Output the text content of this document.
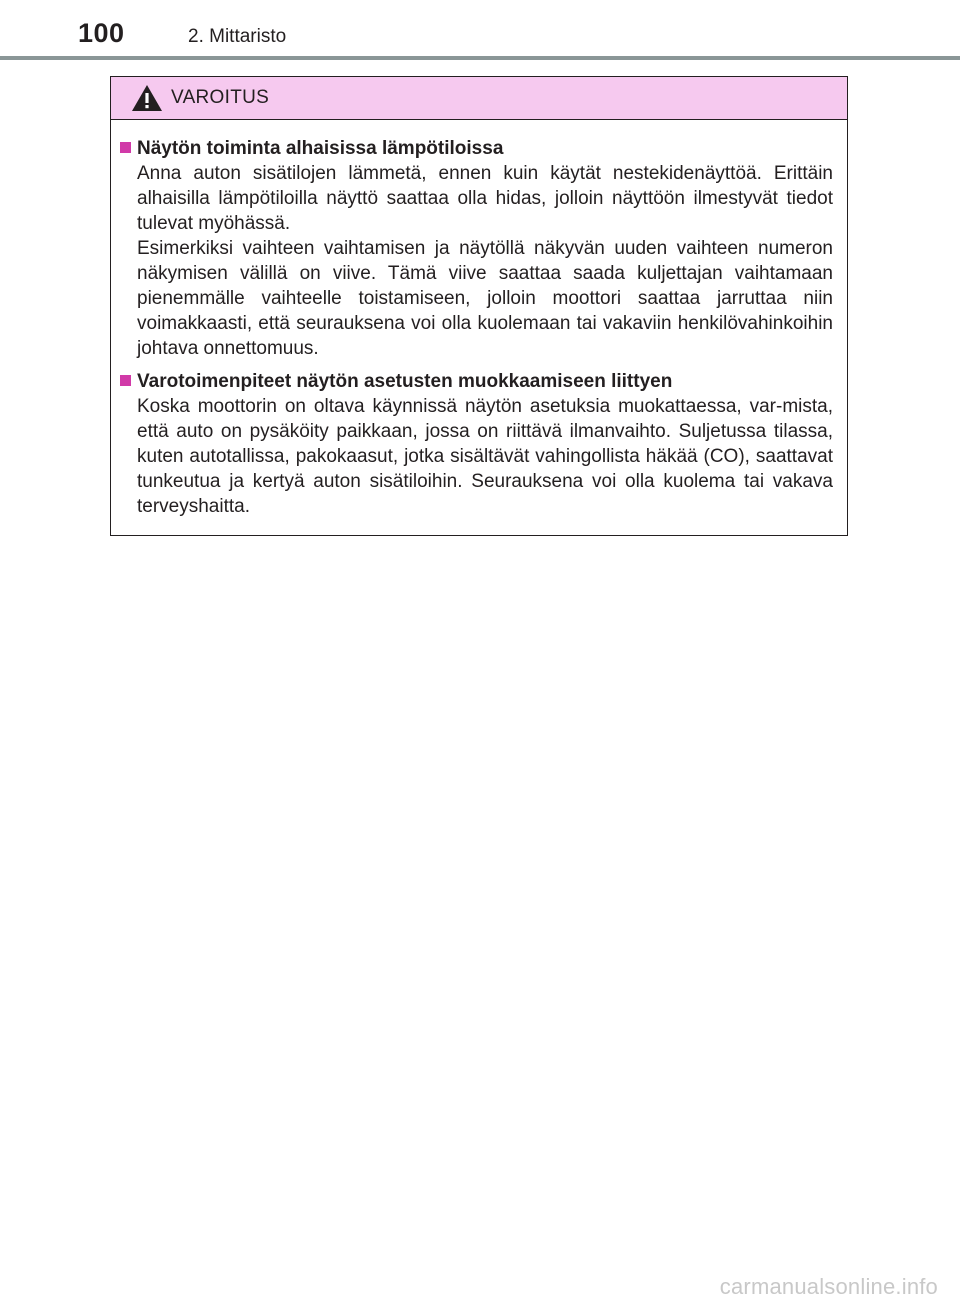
100	2. Mittaristo
VAROITUS
Näytön toiminta alhaisissa lämpötiloissa

Anna auton sisätilojen lämmetä, ennen kuin käytät nestekidenäyttöä. Erittäin alhaisilla lämpötiloilla näyttö saattaa olla hidas, jolloin näyttöön ilmestyvät tiedot tulevat myöhässä.

Esimerkiksi vaihteen vaihtamisen ja näytöllä näkyvän uuden vaihteen numeron näkymisen välillä on viive. Tämä viive saattaa saada kuljettajan vaihtamaan pienemmälle vaihteelle toistamiseen, jolloin moottori saattaa jarruttaa niin voimakkaasti, että seurauksena voi olla kuolemaan tai vakaviin henkilövahinkoihin johtava onnettomuus.

Varotoimenpiteet näytön asetusten muokkaamiseen liittyen

Koska moottorin on oltava käynnissä näytön asetuksia muokattaessa, var-mista, että auto on pysäköity paikkaan, jossa on riittävä ilmanvaihto. Suljetussa tilassa, kuten autotallissa, pakokaasut, jotka sisältävät vahingollista häkää (CO), saattavat tunkeutua ja kertyä auton sisätiloihin. Seurauksena voi olla kuolema tai vakava terveyshaitta.

carmanualsonline.info
